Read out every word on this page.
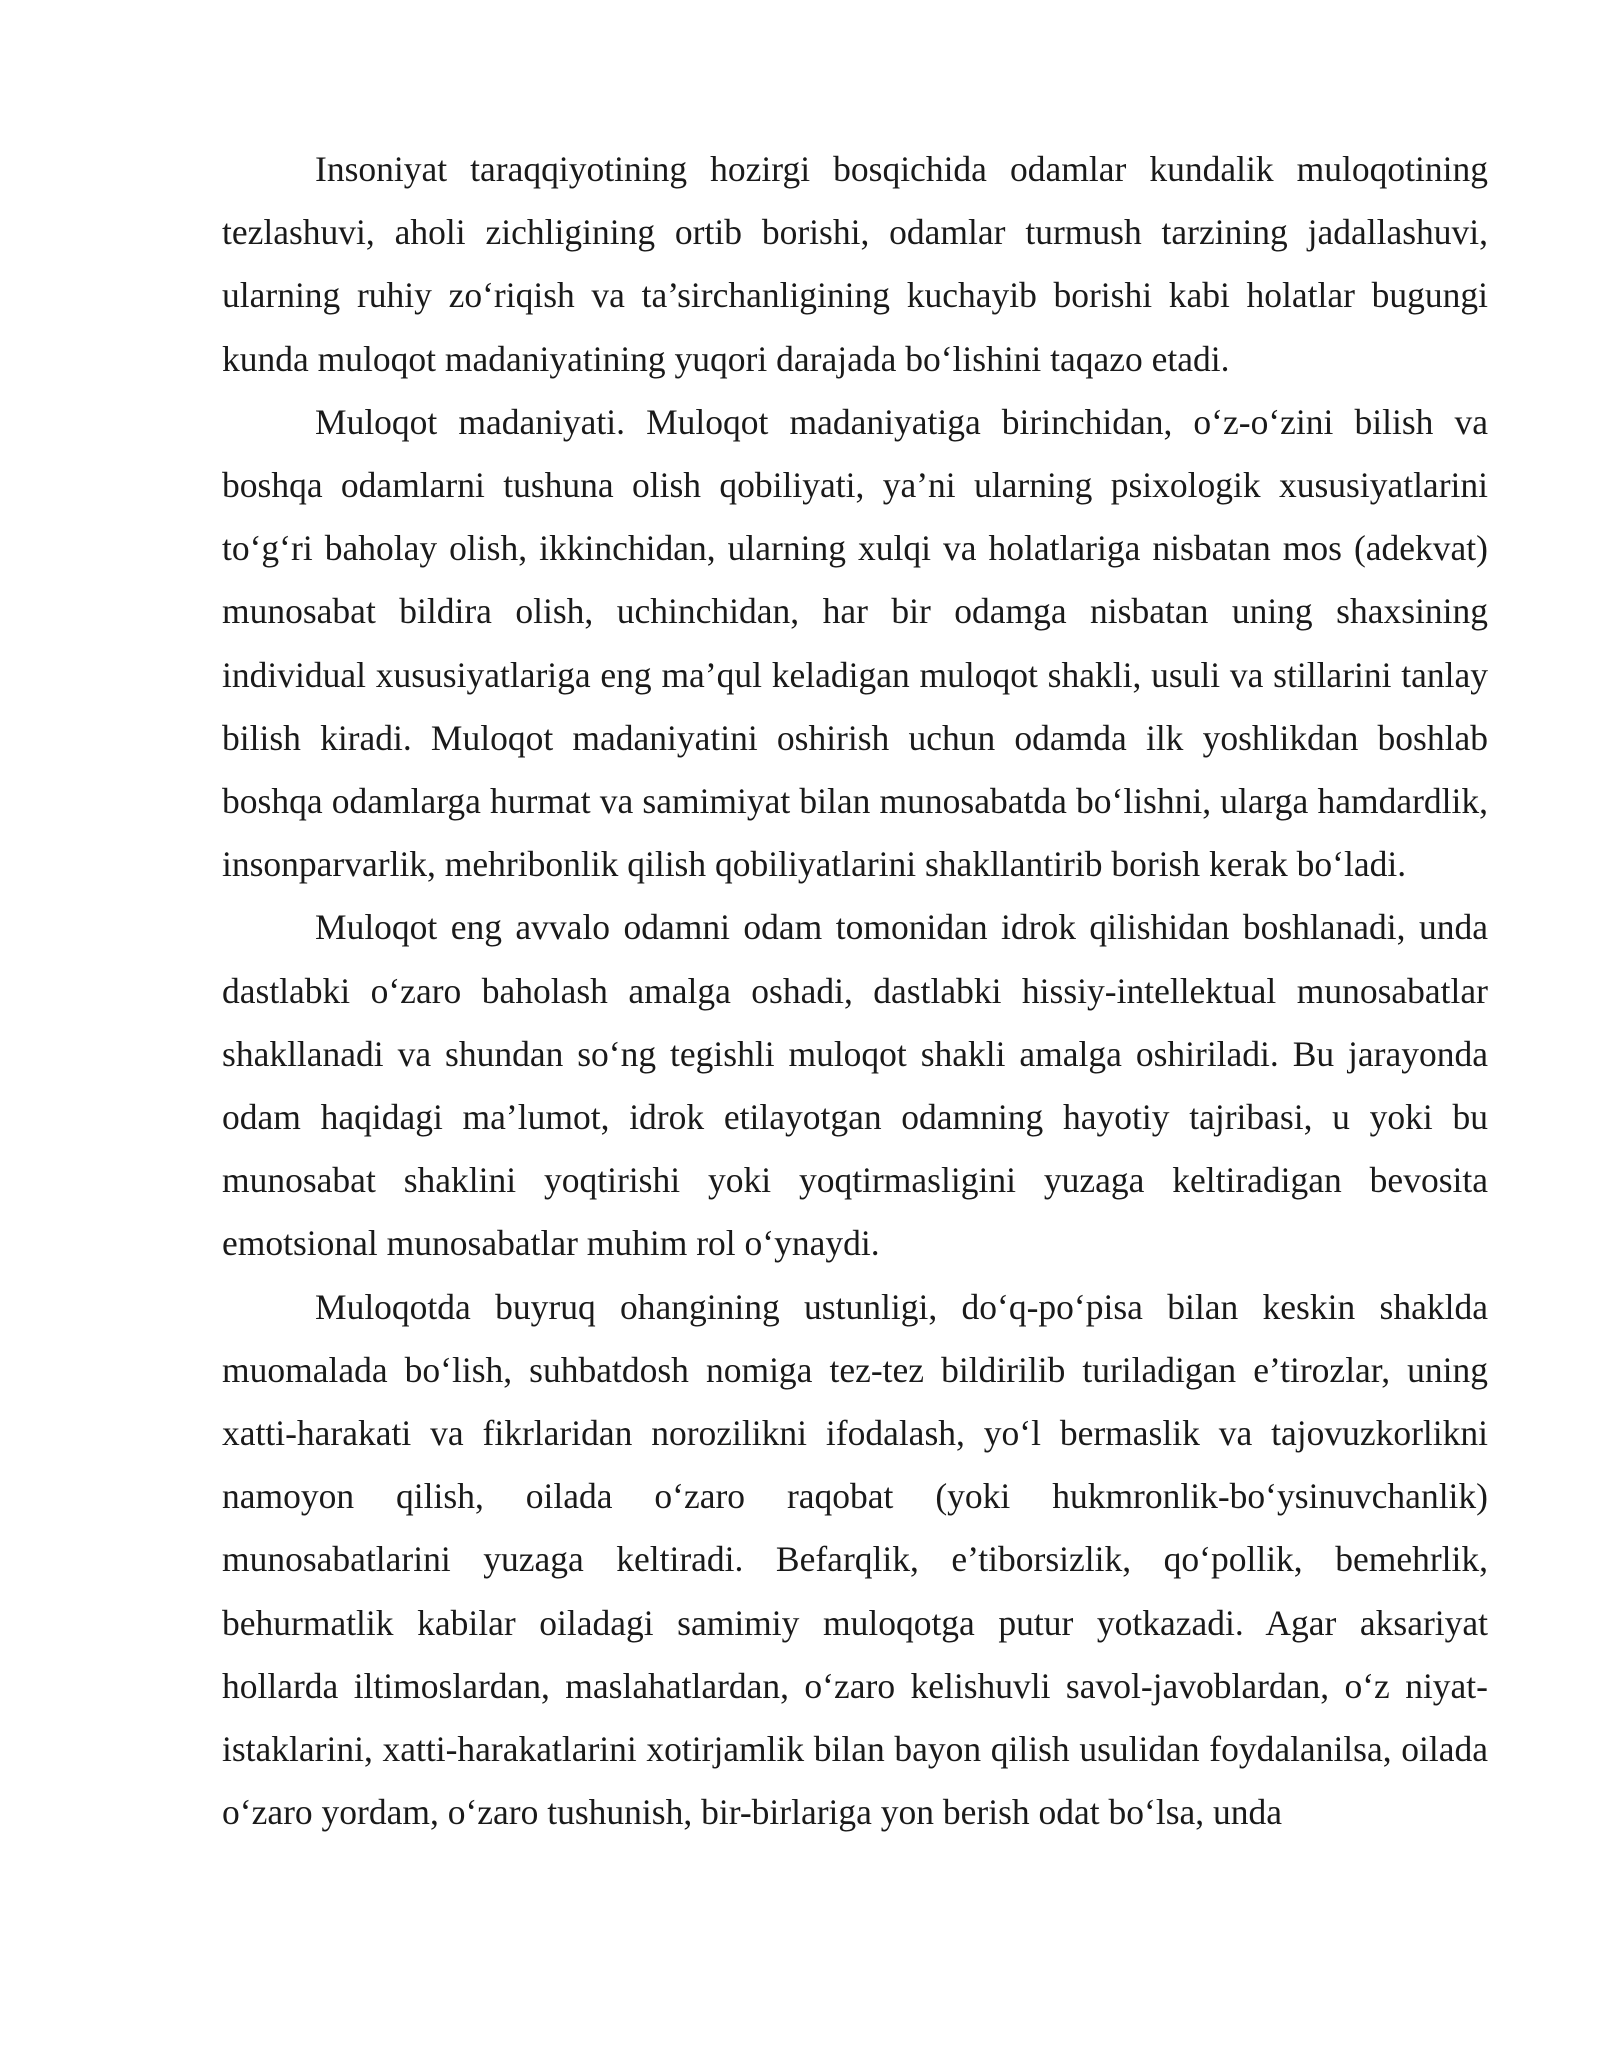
Insoniyat taraqqiyotining hozirgi bosqichida odamlar kundalik muloqotining tezlashuvi, aholi zichligining ortib borishi, odamlar turmush tarzining jadallashuvi, ularning ruhiy zo‘riqish va ta’sirchanligining kuchayib borishi kabi holatlar bugungi kunda muloqot madaniyatining yuqori darajada bo‘lishini taqazo etadi.

Muloqot madaniyati. Muloqot madaniyatiga birinchidan, o‘z-o‘zini bilish va boshqa odamlarni tushuna olish qobiliyati, ya’ni ularning psixologik xususiyatlarini to‘g‘ri baholay olish, ikkinchidan, ularning xulqi va holatlariga nisbatan mos (adekvat) munosabat bildira olish, uchinchidan, har bir odamga nisbatan uning shaxsining individual xususiyatlariga eng ma’qul keladigan muloqot shakli, usuli va stillarini tanlay bilish kiradi. Muloqot madaniyatini oshirish uchun odamda ilk yoshlikdan boshlab boshqa odamlarga hurmat va samimiyat bilan munosabatda bo‘lishni, ularga hamdardlik, insonparvarlik, mehribonlik qilish qobiliyatlarini shakllantirib borish kerak bo‘ladi.

Muloqot eng avvalo odamni odam tomonidan idrok qilishidan boshlanadi, unda dastlabki o‘zaro baholash amalga oshadi, dastlabki hissiy-intellektual munosabatlar shakllanadi va shundan so‘ng tegishli muloqot shakli amalga oshiriladi. Bu jarayonda odam haqidagi ma’lumot, idrok etilayotgan odamning hayotiy tajribasi, u yoki bu munosabat shaklini yoqtirishi yoki yoqtirmasligini yuzaga keltiradigan bevosita emotsional munosabatlar muhim rol o‘ynaydi.

Muloqotda buyruq ohangining ustunligi, do‘q-po‘pisa bilan keskin shaklda muomalada bo‘lish, suhbatdosh nomiga tez-tez bildirilib turiladigan e’tirozlar, uning xatti-harakati va fikrlaridan norozilikni ifodalash, yo‘l bermaslik va tajovuzkorlikni namoyon qilish, oilada o‘zaro raqobat (yoki hukmronlik-bo‘ysinuvchanlik) munosabatlarini yuzaga keltiradi. Befarqlik, e’tiborsizlik, qo‘pollik, bemehrlik, behurmatlik kabilar oiladagi samimiy muloqotga putur yotkazadi. Agar aksariyat hollarda iltimoslardan, maslahatlardan, o‘zaro kelishuvli savol-javoblardan, o‘z niyat-istaklarini, xatti-harakatlarini xotirjamlik bilan bayon qilish usulidan foydalanilsa, oilada o‘zaro yordam, o‘zaro tushunish, bir-birlariga yon berish odat bo‘lsa, unda
